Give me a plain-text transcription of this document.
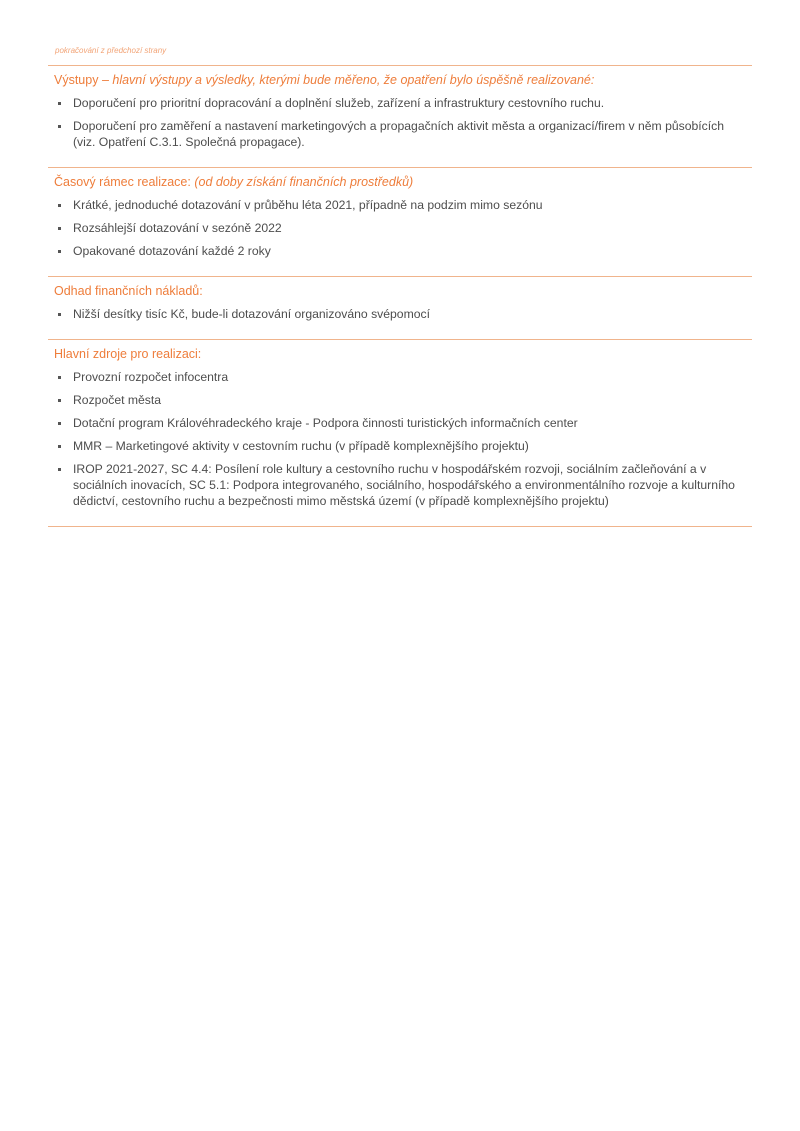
pokračování z předchozí strany
Výstupy – hlavní výstupy a výsledky, kterými bude měřeno, že opatření bylo úspěšně realizované:
Doporučení pro prioritní dopracování a doplnění služeb, zařízení a infrastruktury cestovního ruchu.
Doporučení pro zaměření a nastavení marketingových a propagačních aktivit města a organizací/firem v něm působících (viz. Opatření C.3.1. Společná propagace).
Časový rámec realizace: (od doby získání finančních prostředků)
Krátké, jednoduché dotazování v průběhu léta 2021, případně na podzim mimo sezónu
Rozsáhlejší dotazování v sezóně 2022
Opakované dotazování každé 2 roky
Odhad finančních nákladů:
Nižší desítky tisíc Kč, bude-li dotazování organizováno svépomocí
Hlavní zdroje pro realizaci:
Provozní rozpočet infocentra
Rozpočet města
Dotační program Královéhradeckého kraje - Podpora činnosti turistických informačních center
MMR – Marketingové aktivity v cestovním ruchu (v případě komplexnějšího projektu)
IROP 2021-2027, SC 4.4: Posílení role kultury a cestovního ruchu v hospodářském rozvoji, sociálním začleňování a v sociálních inovacích, SC 5.1: Podpora integrovaného, sociálního, hospodářského a environmentálního rozvoje a kulturního dědictví, cestovního ruchu a bezpečnosti mimo městská území (v případě komplexnějšího projektu)
